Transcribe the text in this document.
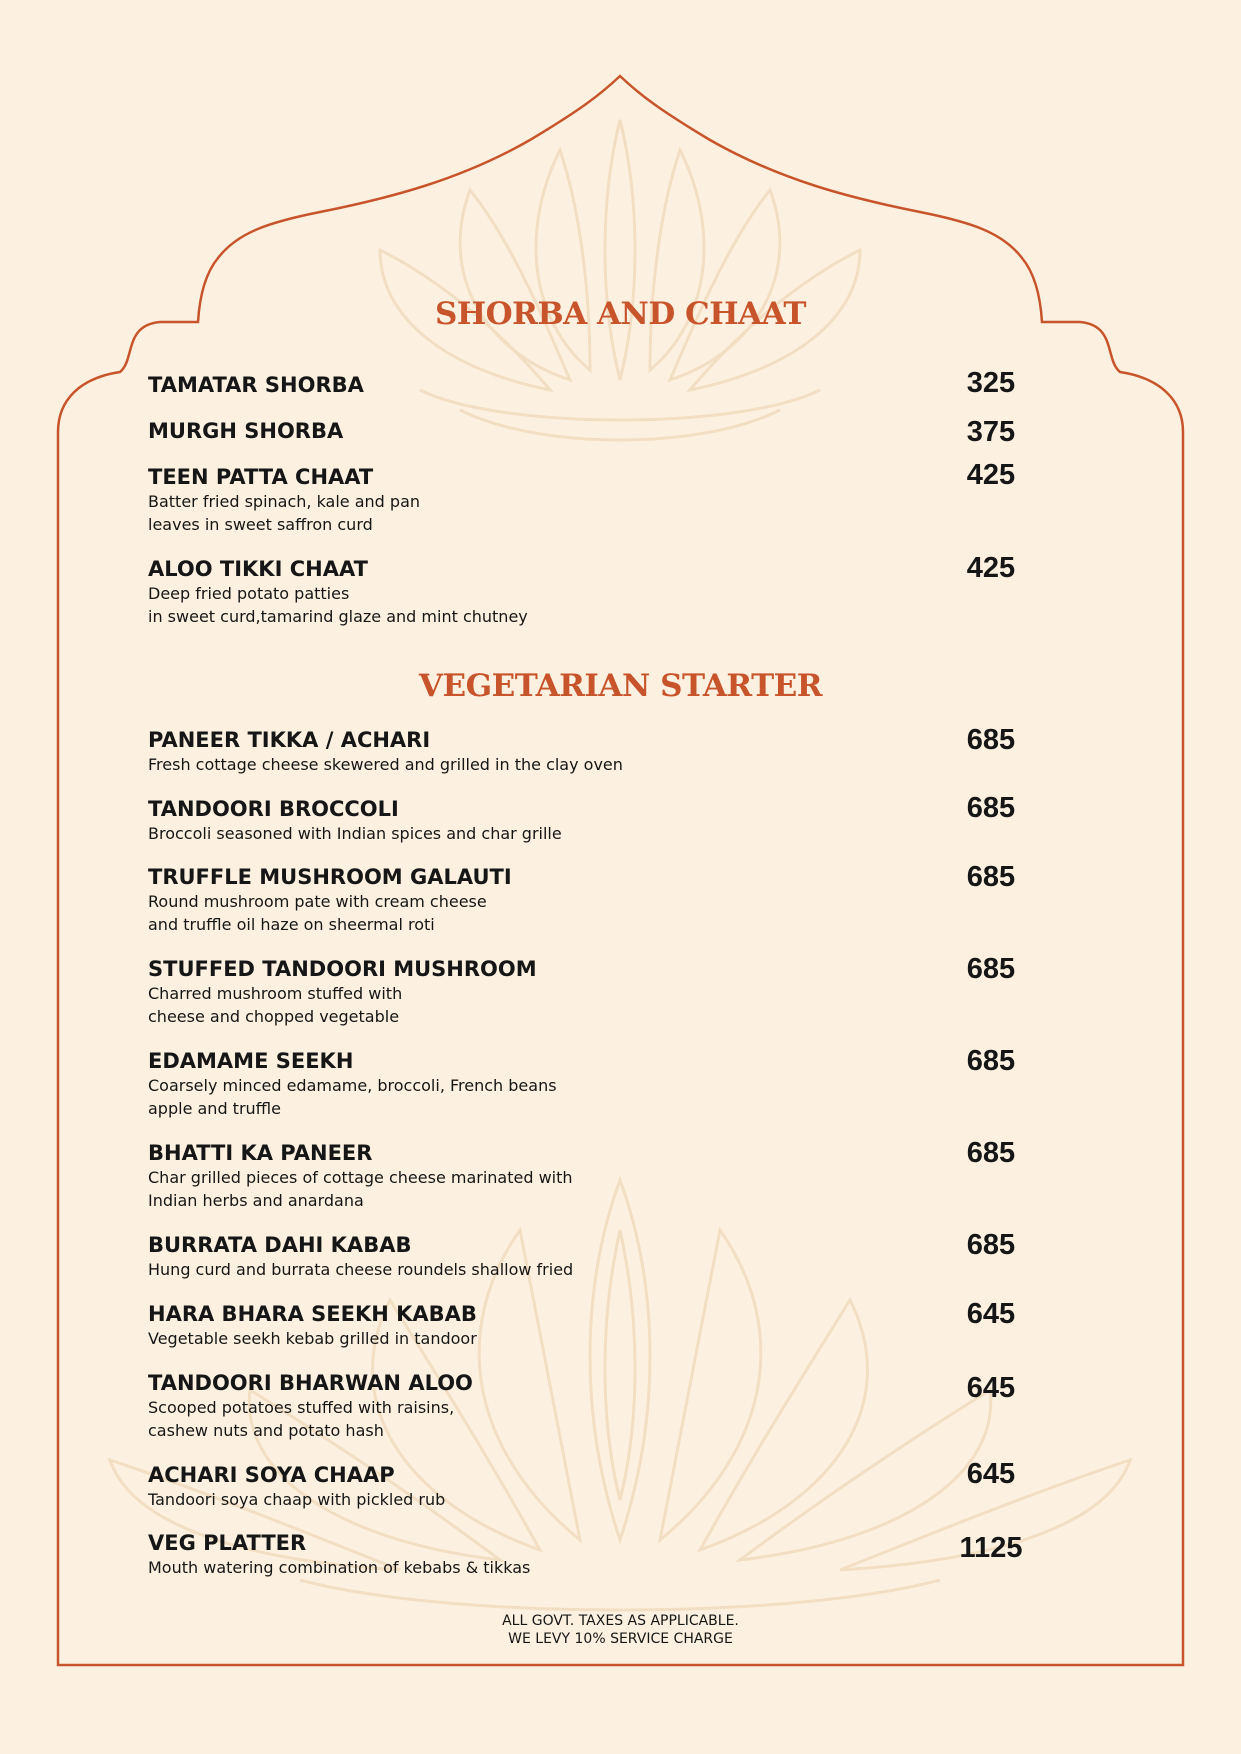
SHORBA AND CHAAT
TAMATAR SHORBA	325
MURGH SHORBA	375
TEEN PATTA CHAAT
Batter fried spinach, kale and pan
leaves in sweet saffron curd
425
ALOO TIKKI CHAAT
Deep fried potato patties
in sweet curd,tamarind glaze and mint chutney
425
VEGETARIAN STARTER
PANEER TIKKA / ACHARI
Fresh cottage cheese skewered and grilled in the clay oven
685
TANDOORI BROCCOLI
Broccoli seasoned with Indian spices and char grille
685
TRUFFLE MUSHROOM GALAUTI
Round mushroom pate with cream cheese
and truffle oil haze on sheermal roti
685
STUFFED TANDOORI MUSHROOM
Charred mushroom stuffed with
cheese and chopped vegetable
685
EDAMAME SEEKH
Coarsely minced edamame, broccoli, French beans
apple and truffle
685
BHATTI KA PANEER
Char grilled pieces of cottage cheese marinated with
Indian herbs and anardana
685
BURRATA DAHI KABAB
Hung curd and burrata cheese roundels shallow fried
685
HARA BHARA SEEKH KABAB
Vegetable seekh kebab grilled in tandoor
645
TANDOORI BHARWAN ALOO
Scooped potatoes stuffed with raisins,
cashew nuts and potato hash
645
ACHARI SOYA CHAAP
Tandoori soya chaap with pickled rub
645
VEG PLATTER
Mouth watering combination of kebabs & tikkas
1125
ALL GOVT. TAXES AS APPLICABLE.
WE LEVY 10% SERVICE CHARGE
